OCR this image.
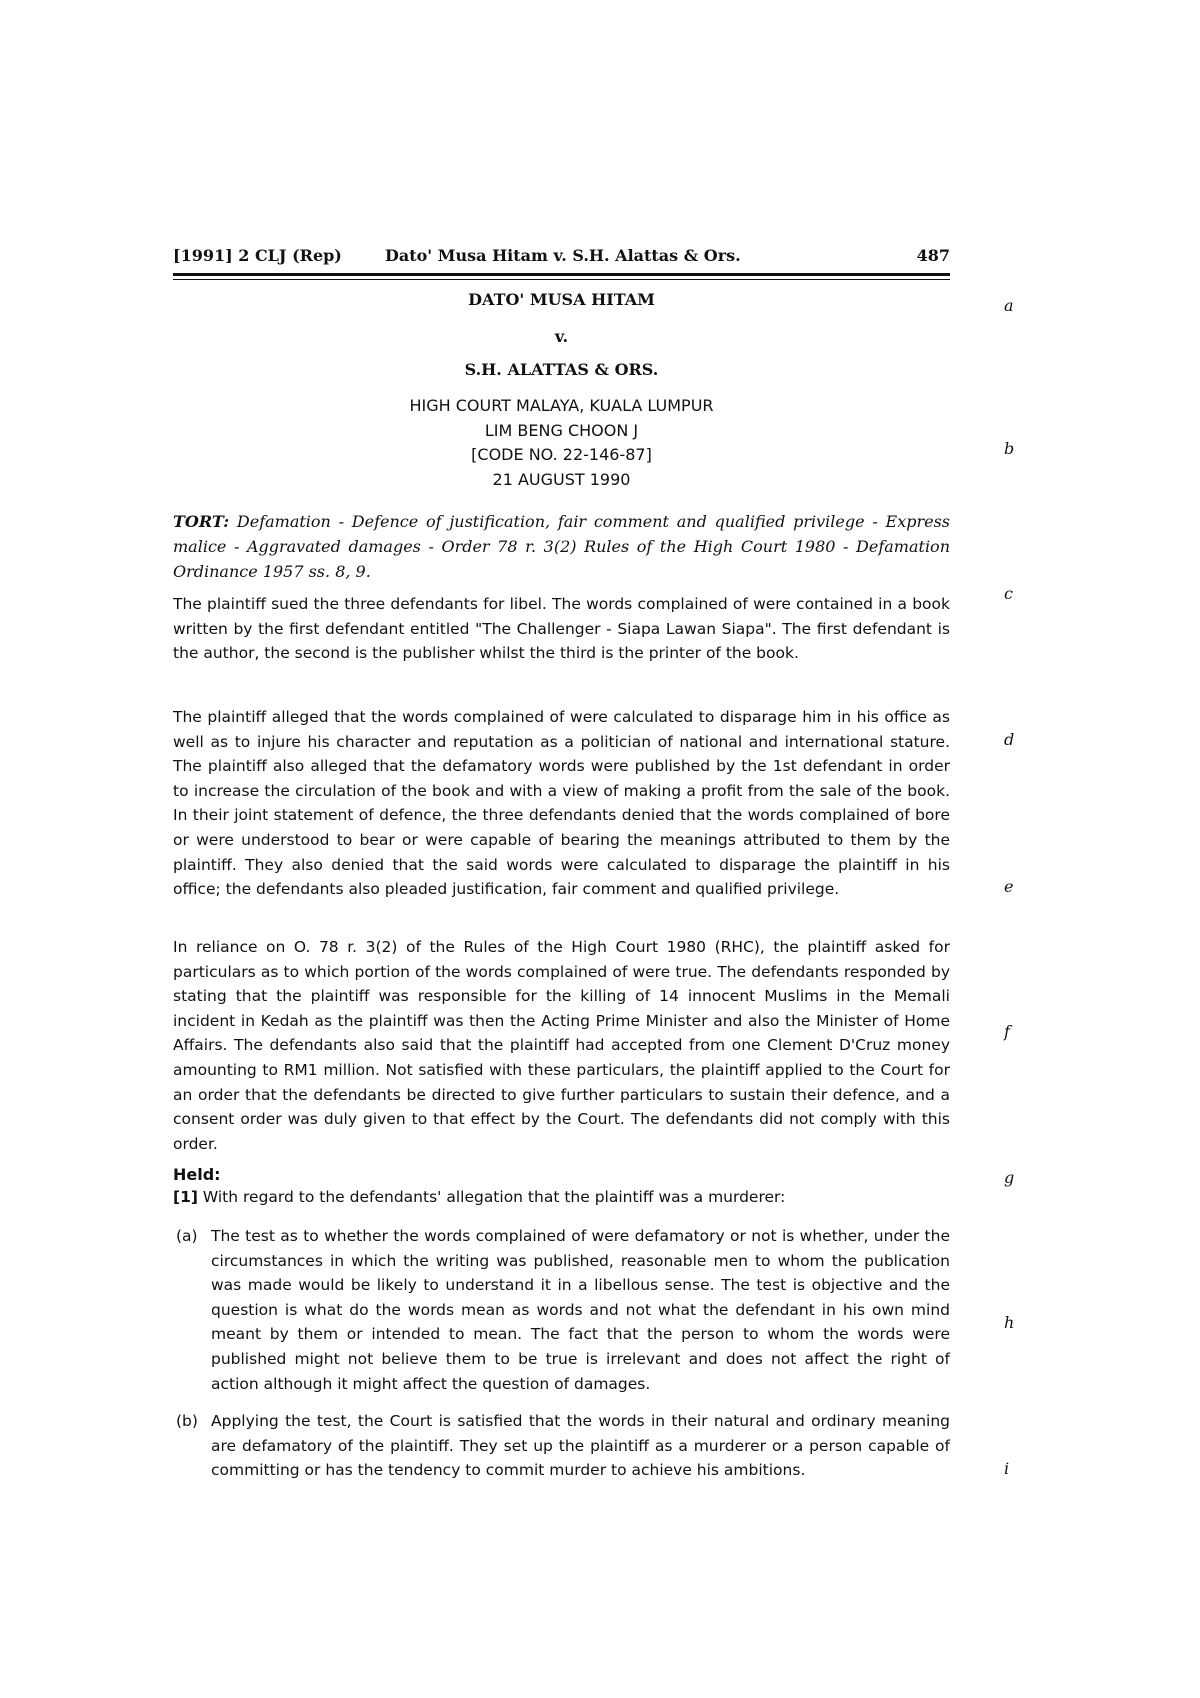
[1991] 2 CLJ (Rep)	Dato' Musa Hitam v. S.H. Alattas & Ors.	487
DATO' MUSA HITAM
v.
S.H. ALATTAS & ORS.
HIGH COURT MALAYA, KUALA LUMPUR
LIM BENG CHOON J
[CODE NO. 22-146-87]
21 AUGUST 1990
TORT: Defamation - Defence of justification, fair comment and qualified privilege - Express malice - Aggravated damages - Order 78 r. 3(2) Rules of the High Court 1980 - Defamation Ordinance 1957 ss. 8, 9.
The plaintiff sued the three defendants for libel. The words complained of were contained in a book written by the first defendant entitled "The Challenger - Siapa Lawan Siapa". The first defendant is the author, the second is the publisher whilst the third is the printer of the book.
The plaintiff alleged that the words complained of were calculated to disparage him in his office as well as to injure his character and reputation as a politician of national and international stature. The plaintiff also alleged that the defamatory words were published by the 1st defendant in order to increase the circulation of the book and with a view of making a profit from the sale of the book. In their joint statement of defence, the three defendants denied that the words complained of bore or were understood to bear or were capable of bearing the meanings attributed to them by the plaintiff. They also denied that the said words were calculated to disparage the plaintiff in his office; the defendants also pleaded justification, fair comment and qualified privilege.
In reliance on O. 78 r. 3(2) of the Rules of the High Court 1980 (RHC), the plaintiff asked for particulars as to which portion of the words complained of were true. The defendants responded by stating that the plaintiff was responsible for the killing of 14 innocent Muslims in the Memali incident in Kedah as the plaintiff was then the Acting Prime Minister and also the Minister of Home Affairs. The defendants also said that the plaintiff had accepted from one Clement D'Cruz money amounting to RM1 million. Not satisfied with these particulars, the plaintiff applied to the Court for an order that the defendants be directed to give further particulars to sustain their defence, and a consent order was duly given to that effect by the Court. The defendants did not comply with this order.
Held:
[1] With regard to the defendants' allegation that the plaintiff was a murderer:
(a) The test as to whether the words complained of were defamatory or not is whether, under the circumstances in which the writing was published, reasonable men to whom the publication was made would be likely to understand it in a libellous sense. The test is objective and the question is what do the words mean as words and not what the defendant in his own mind meant by them or intended to mean. The fact that the person to whom the words were published might not believe them to be true is irrelevant and does not affect the right of action although it might affect the question of damages.
(b) Applying the test, the Court is satisfied that the words in their natural and ordinary meaning are defamatory of the plaintiff. They set up the plaintiff as a murderer or a person capable of committing or has the tendency to commit murder to achieve his ambitions.
a
b
c
d
e
f
g
h
i
